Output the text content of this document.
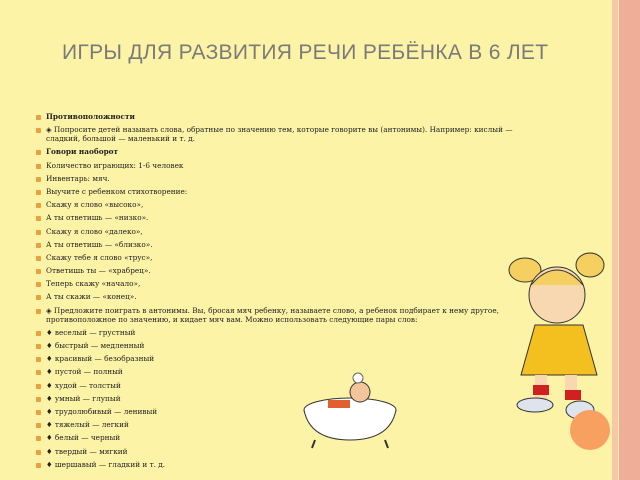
ИГРЫ ДЛЯ РАЗВИТИЯ РЕЧИ РЕБЁНКА В 6 ЛЕТ
Противоположности
◈ Попросите детей называть слова, обратные по значению тем, которые говорите вы (антонимы). Например: кислый — сладкий, большой — маленький и т. д.
Говори наоборот
Количество играющих: 1-6 человек
Инвентарь: мяч.
Выучите с ребенком стихотворение:
Скажу я слово «высоко»,
А ты ответишь — «низко».
Скажу я слово «далеко»,
А ты ответишь — «близко».
Скажу тебе я слово «трус»,
Ответишь ты — «храбрец».
Теперь скажу «начало»,
А ты скажи — «конец».
◈ Предложите поиграть в антонимы. Вы, бросая мяч ребенку, называете слово, а ребенок подбирает к нему другое, противоположное по значению, и кидает мяч вам. Можно использовать следующие пары слов:
♦ веселый — грустный
♦ быстрый — медленный
♦ красивый — безобразный
♦ пустой — полный
♦ худой — толстый
♦ умный — глупый
♦ трудолюбивый — ленивый
♦ тяжелый — легкий
♦ белый — черный
♦ твердый — мягкий
♦ шершавый — гладкий и т. д.
